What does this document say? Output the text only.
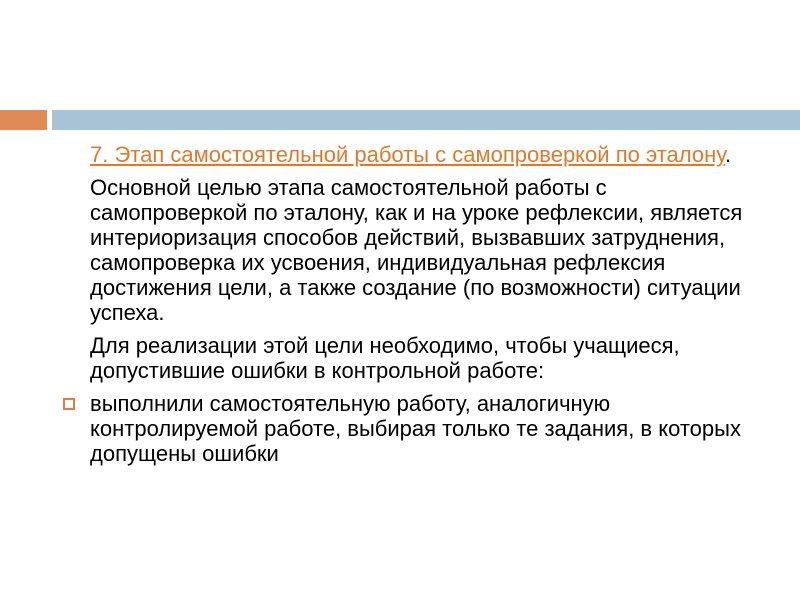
7. Этап самостоятельной работы с самопроверкой по эталону.

Основной целью этапа самостоятельной работы с самопроверкой по эталону, как и на уроке рефлексии, является интериоризация способов действий, вызвавших затруднения, самопроверка их усвоения, индивидуальная рефлексия достижения цели, а также создание (по возможности) ситуации успеха.

Для реализации этой цели необходимо, чтобы учащиеся, допустившие ошибки в контрольной работе:

выполнили самостоятельную работу, аналогичную контролируемой работе, выбирая только те задания, в которых допущены ошибки
